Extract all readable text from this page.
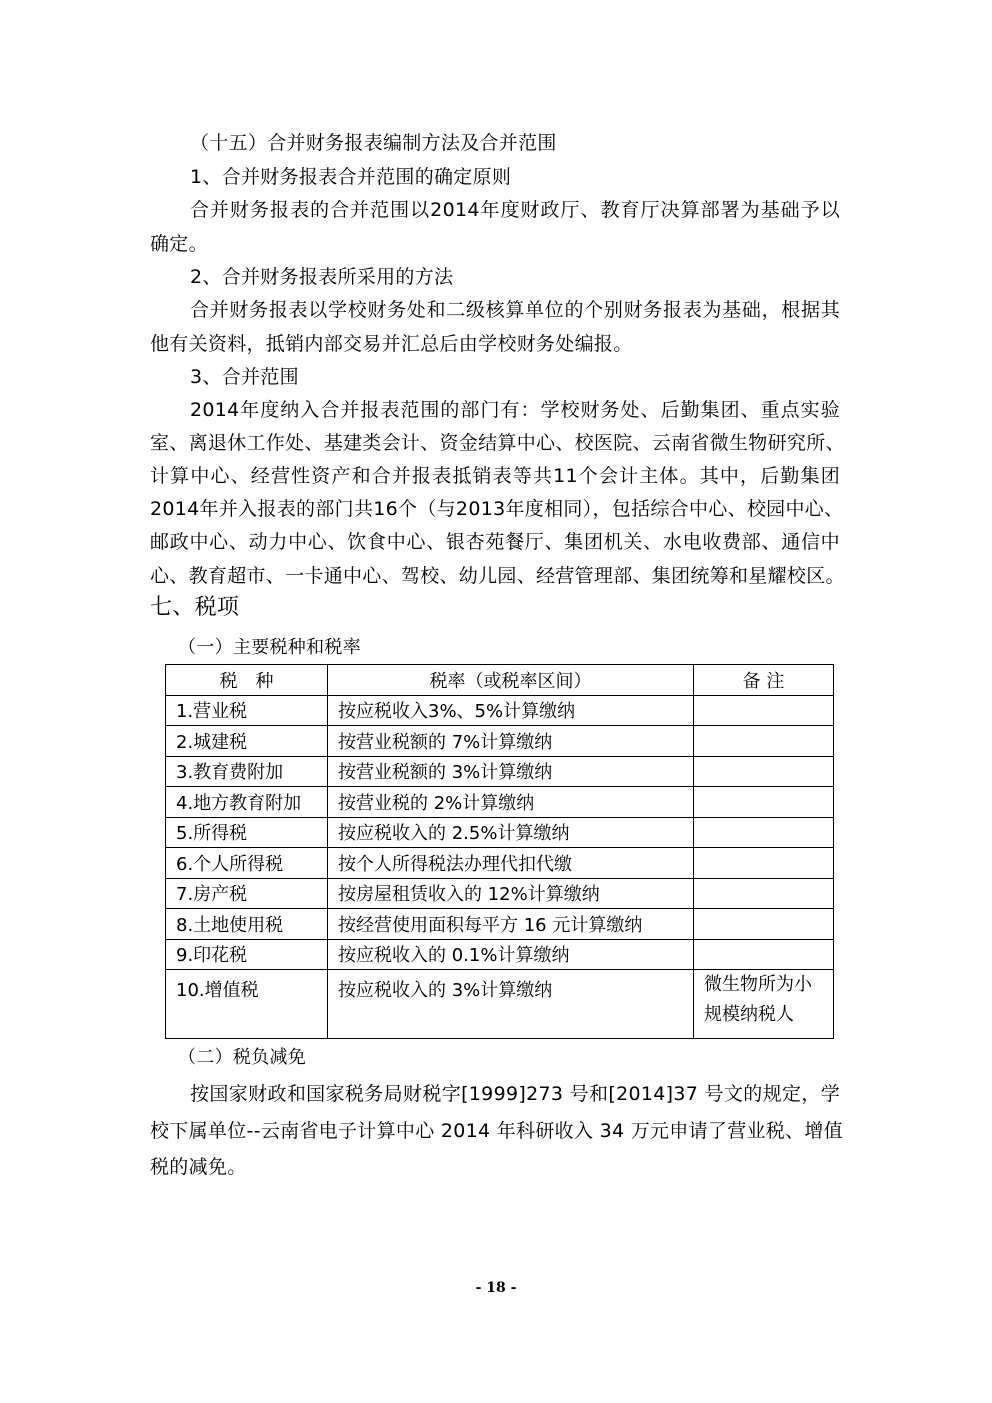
（十五）合并财务报表编制方法及合并范围
1、合并财务报表合并范围的确定原则
合并财务报表的合并范围以2014年度财政厅、教育厅决算部署为基础予以
确定。
2、合并财务报表所采用的方法
合并财务报表以学校财务处和二级核算单位的个别财务报表为基础，根据其
他有关资料，抵销内部交易并汇总后由学校财务处编报。
3、合并范围
2014年度纳入合并报表范围的部门有：学校财务处、后勤集团、重点实验
室、离退休工作处、基建类会计、资金结算中心、校医院、云南省微生物研究所、
计算中心、经营性资产和合并报表抵销表等共11个会计主体。其中，后勤集团
2014年并入报表的部门共16个（与2013年度相同），包括综合中心、校园中心、
邮政中心、动力中心、饮食中心、银杏苑餐厅、集团机关、水电收费部、通信中
心、教育超市、一卡通中心、驾校、幼儿园、经营管理部、集团统筹和星耀校区。
七、税项
（一）主要税种和税率
税　种	税率（或税率区间）	备 注
1.营业税	按应税收入3%、5%计算缴纳	
2.城建税	按营业税额的 7%计算缴纳	
3.教育费附加	按营业税额的 3%计算缴纳	
4.地方教育附加	按营业税的 2%计算缴纳	
5.所得税	按应税收入的 2.5%计算缴纳	
6.个人所得税	按个人所得税法办理代扣代缴	
7.房产税	按房屋租赁收入的 12%计算缴纳	
8.土地使用税	按经营使用面积每平方 16 元计算缴纳	
9.印花税	按应税收入的 0.1%计算缴纳	
10.增值税	按应税收入的 3%计算缴纳	微生物所为小规模纳税人
（二）税负减免
按国家财政和国家税务局财税字[1999]273 号和[2014]37 号文的规定，学
校下属单位--云南省电子计算中心 2014 年科研收入 34 万元申请了营业税、增值
税的减免。
- 18 -
